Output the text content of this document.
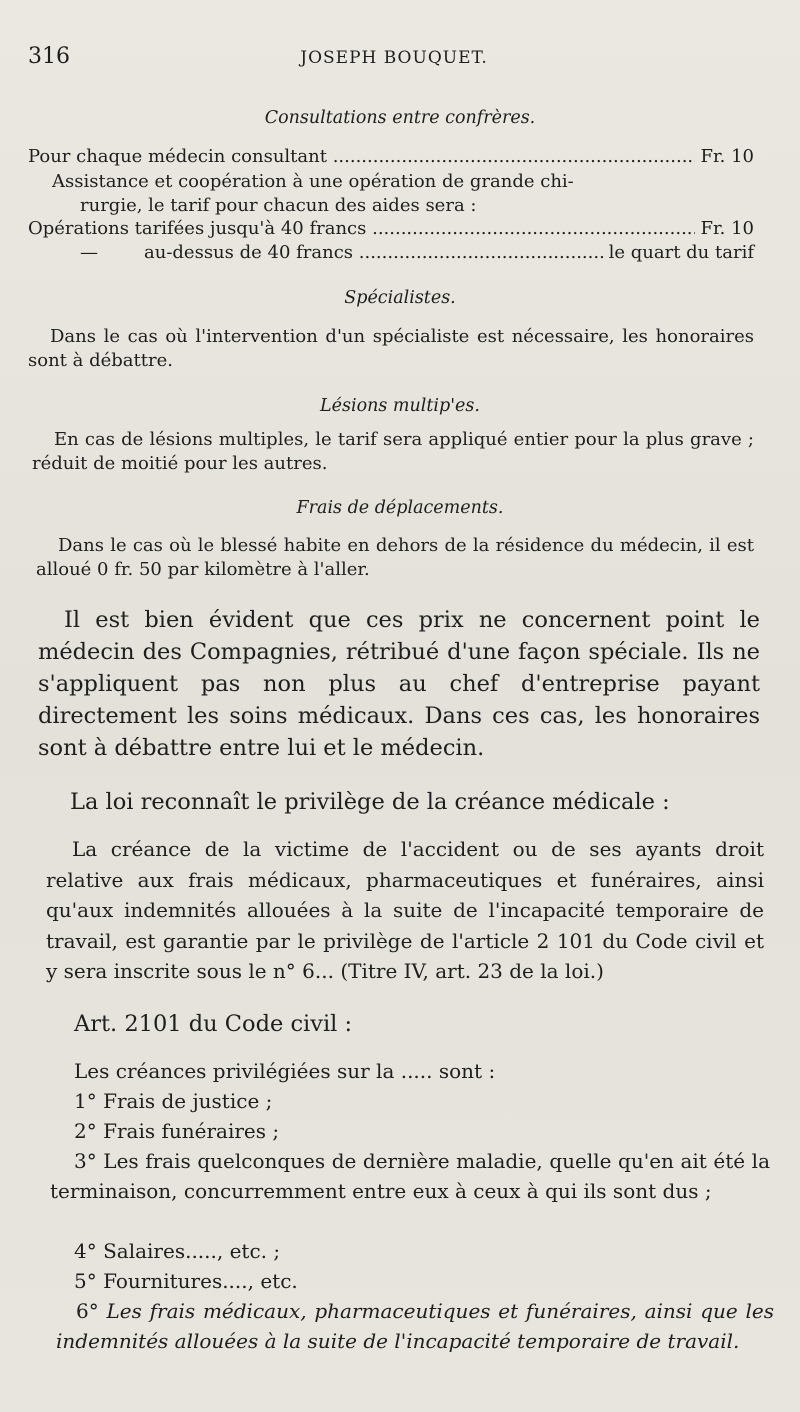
316	JOSEPH BOUQUET.
Consultations entre confrères.
Pour chaque médecin consultant .....	Fr. 10
Assistance et coopération à une opération de grande chi-
rurgie, le tarif pour chacun des aides sera :
Opérations tarifées jusqu'à 40 francs .....	Fr. 10
—	au-dessus de 40 francs .....	le quart du tarif
Spécialistes.
Dans le cas où l'intervention d'un spécialiste est nécessaire, les honoraires sont à débattre.
Lésions multip'es.
En cas de lésions multiples, le tarif sera appliqué entier pour la plus grave ; réduit de moitié pour les autres.
Frais de déplacements.
Dans le cas où le blessé habite en dehors de la résidence du médecin, il est alloué 0 fr. 50 par kilomètre à l'aller.
Il est bien évident que ces prix ne concernent point le médecin des Compagnies, rétribué d'une façon spéciale. Ils ne s'appliquent pas non plus au chef d'entreprise payant directement les soins médicaux. Dans ces cas, les honoraires sont à débattre entre lui et le médecin.
La loi reconnaît le privilège de la créance médicale :
La créance de la victime de l'accident ou de ses ayants droit relative aux frais médicaux, pharmaceutiques et funéraires, ainsi qu'aux indemnités allouées à la suite de l'incapacité temporaire de travail, est garantie par le privilège de l'article 2 101 du Code civil et y sera inscrite sous le n° 6... (Titre IV, art. 23 de la loi.)
Art. 2101 du Code civil :
Les créances privilégiées sur la ..... sont :
1° Frais de justice ;
2° Frais funéraires ;
3° Les frais quelconques de dernière maladie, quelle qu'en ait été la terminaison, concurremment entre eux à ceux à qui ils sont dus ;
4° Salaires....., etc. ;
5° Fournitures...., etc.
6° Les frais médicaux, pharmaceutiques et funéraires, ainsi que les indemnités allouées à la suite de l'incapacité temporaire de travail.
